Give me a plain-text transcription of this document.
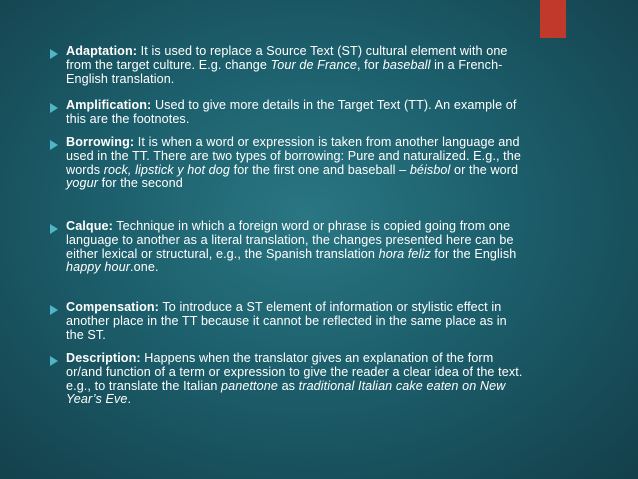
Adaptation: It is used to replace a Source Text (ST) cultural element with one from the target culture. E.g. change Tour de France, for baseball in a French-English translation.
Amplification: Used to give more details in the Target Text (TT). An example of this are the footnotes.
Borrowing: It is when a word or expression is taken from another language and used in the TT. There are two types of borrowing: Pure and naturalized. E.g., the words rock, lipstick y hot dog for the first one and baseball – béisbol or the word yogur for the second
Calque: Technique in which a foreign word or phrase is copied going from one language to another as a literal translation, the changes presented here can be either lexical or structural, e.g., the Spanish translation hora feliz for the English happy hour.one.
Compensation: To introduce a ST element of information or stylistic effect in another place in the TT because it cannot be reflected in the same place as in the ST.
Description: Happens when the translator gives an explanation of the form or/and function of a term or expression to give the reader a clear idea of the text. e.g., to translate the Italian panettone as traditional Italian cake eaten on New Year’s Eve.
